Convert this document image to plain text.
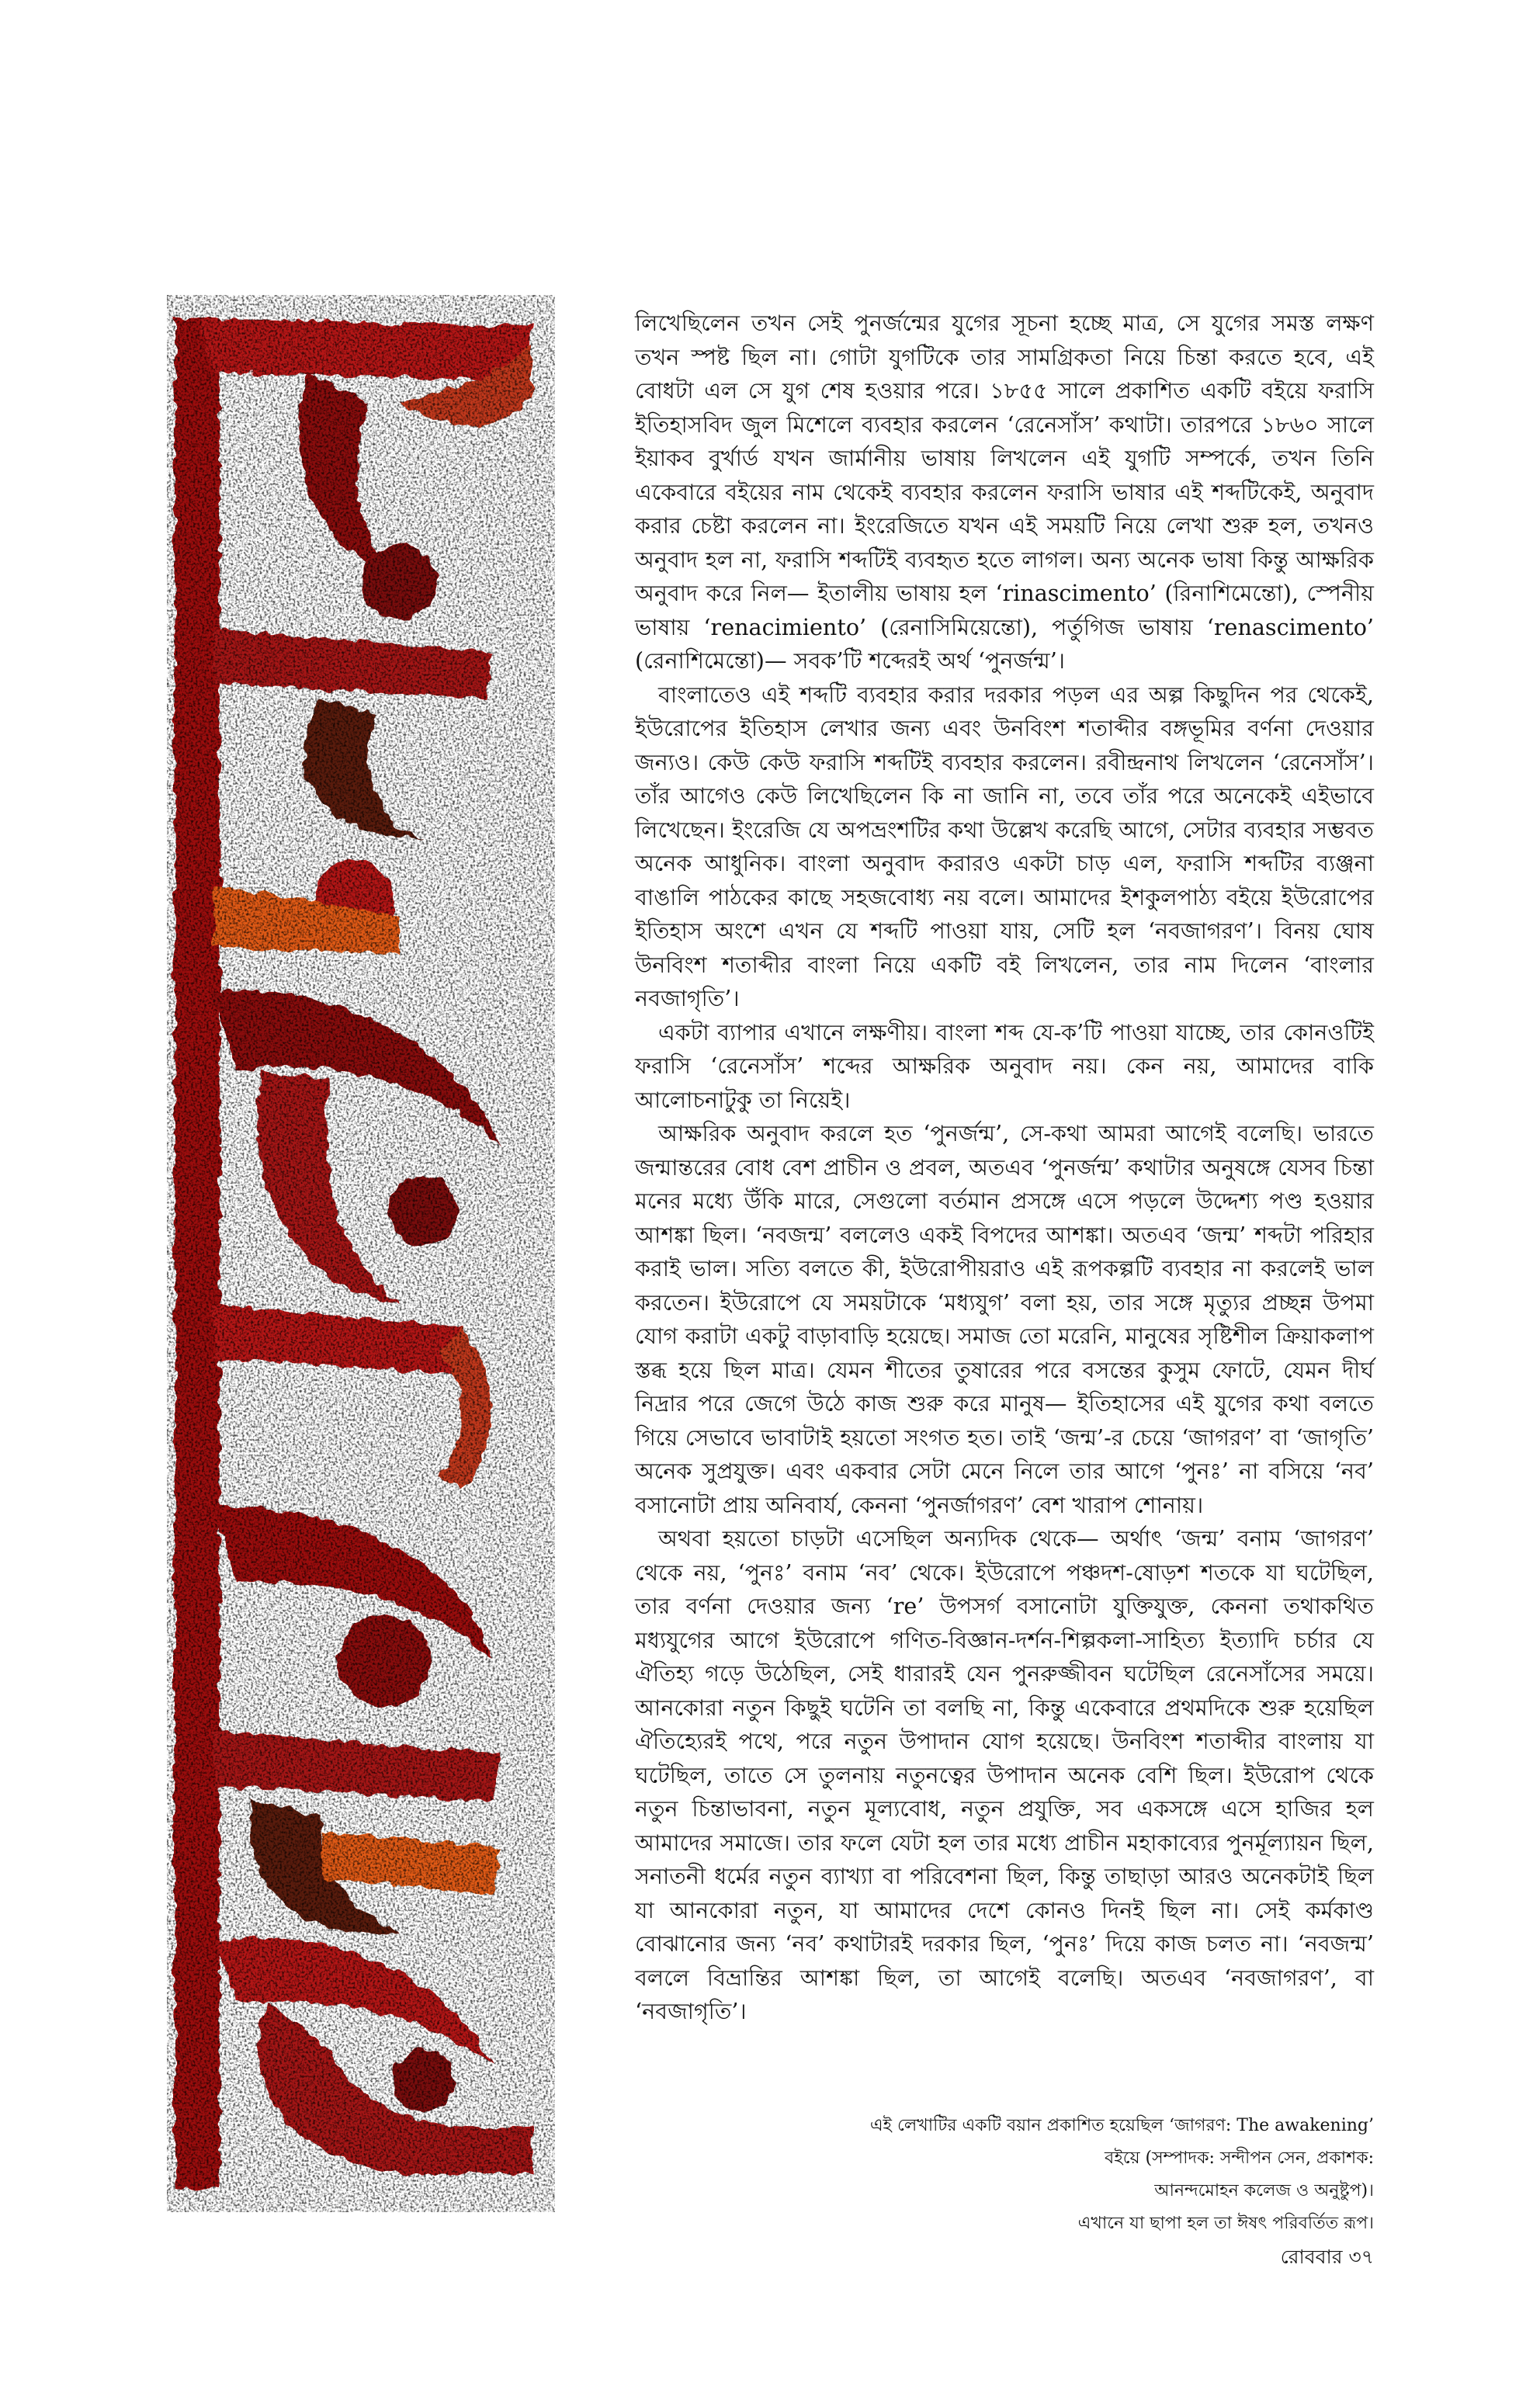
লিখেছিলেন তখন সেই পুনর্জন্মের যুগের সূচনা হচ্ছে মাত্র, সে যুগের সমস্ত লক্ষণ তখন স্পষ্ট ছিল না। গোটা যুগটিকে তার সামগ্রিকতা নিয়ে চিন্তা করতে হবে, এই বোধটা এল সে যুগ শেষ হওয়ার পরে। ১৮৫৫ সালে প্রকাশিত একটি বইয়ে ফরাসি ইতিহাসবিদ জুল মিশেলে ব্যবহার করলেন ‘রেনেসাঁস’ কথাটা। তারপরে ১৮৬০ সালে ইয়াকব বুর্খার্ড যখন জার্মানীয় ভাষায় লিখলেন এই যুগটি সম্পর্কে, তখন তিনি একেবারে বইয়ের নাম থেকেই ব্যবহার করলেন ফরাসি ভাষার এই শব্দটিকেই, অনুবাদ করার চেষ্টা করলেন না। ইংরেজিতে যখন এই সময়টি নিয়ে লেখা শুরু হল, তখনও অনুবাদ হল না, ফরাসি শব্দটিই ব্যবহৃত হতে লাগল। অন্য অনেক ভাষা কিন্তু আক্ষরিক অনুবাদ করে নিল— ইতালীয় ভাষায় হল ‘rinascimento’ (রিনাশিমেন্তো), স্পেনীয় ভাষায় ‘renacimiento’ (রেনাসিমিয়েন্তো), পর্তুগিজ ভাষায় ‘renascimento’ (রেনাশিমেন্তো)— সবক’টি শব্দেরই অর্থ ‘পুনর্জন্ম’।

বাংলাতেও এই শব্দটি ব্যবহার করার দরকার পড়ল এর অল্প কিছুদিন পর থেকেই, ইউরোপের ইতিহাস লেখার জন্য এবং উনবিংশ শতাব্দীর বঙ্গভূমির বর্ণনা দেওয়ার জন্যও। কেউ কেউ ফরাসি শব্দটিই ব্যবহার করলেন। রবীন্দ্রনাথ লিখলেন ‘রেনেসাঁস’। তাঁর আগেও কেউ লিখেছিলেন কি না জানি না, তবে তাঁর পরে অনেকেই এইভাবে লিখেছেন। ইংরেজি যে অপভ্রংশটির কথা উল্লেখ করেছি আগে, সেটার ব্যবহার সম্ভবত অনেক আধুনিক। বাংলা অনুবাদ করারও একটা চাড় এল, ফরাসি শব্দটির ব্যঞ্জনা বাঙালি পাঠকের কাছে সহজবোধ্য নয় বলে। আমাদের ইশকুলপাঠ্য বইয়ে ইউরোপের ইতিহাস অংশে এখন যে শব্দটি পাওয়া যায়, সেটি হল ‘নবজাগরণ’। বিনয় ঘোষ উনবিংশ শতাব্দীর বাংলা নিয়ে একটি বই লিখলেন, তার নাম দিলেন ‘বাংলার নবজাগৃতি’।

একটা ব্যাপার এখানে লক্ষণীয়। বাংলা শব্দ যে-ক’টি পাওয়া যাচ্ছে, তার কোনওটিই ফরাসি ‘রেনেসাঁস’ শব্দের আক্ষরিক অনুবাদ নয়। কেন নয়, আমাদের বাকি আলোচনাটুকু তা নিয়েই।

আক্ষরিক অনুবাদ করলে হত ‘পুনর্জন্ম’, সে-কথা আমরা আগেই বলেছি। ভারতে জন্মান্তরের বোধ বেশ প্রাচীন ও প্রবল, অতএব ‘পুনর্জন্ম’ কথাটার অনুষঙ্গে যেসব চিন্তা মনের মধ্যে উঁকি মারে, সেগুলো বর্তমান প্রসঙ্গে এসে পড়লে উদ্দেশ্য পণ্ড হওয়ার আশঙ্কা ছিল। ‘নবজন্ম’ বললেও একই বিপদের আশঙ্কা। অতএব ‘জন্ম’ শব্দটা পরিহার করাই ভাল। সত্যি বলতে কী, ইউরোপীয়রাও এই রূপকল্পটি ব্যবহার না করলেই ভাল করতেন। ইউরোপে যে সময়টাকে ‘মধ্যযুগ’ বলা হয়, তার সঙ্গে মৃত্যুর প্রচ্ছন্ন উপমা যোগ করাটা একটু বাড়াবাড়ি হয়েছে। সমাজ তো মরেনি, মানুষের সৃষ্টিশীল ক্রিয়াকলাপ স্তব্ধ হয়ে ছিল মাত্র। যেমন শীতের তুষারের পরে বসন্তের কুসুম ফোটে, যেমন দীর্ঘ নিদ্রার পরে জেগে উঠে কাজ শুরু করে মানুষ— ইতিহাসের এই যুগের কথা বলতে গিয়ে সেভাবে ভাবাটাই হয়তো সংগত হত। তাই ‘জন্ম’-র চেয়ে ‘জাগরণ’ বা ‘জাগৃতি’ অনেক সুপ্রযুক্ত। এবং একবার সেটা মেনে নিলে তার আগে ‘পুনঃ’ না বসিয়ে ‘নব’ বসানোটা প্রায় অনিবার্য, কেননা ‘পুনর্জাগরণ’ বেশ খারাপ শোনায়।

অথবা হয়তো চাড়টা এসেছিল অন্যদিক থেকে— অর্থাৎ ‘জন্ম’ বনাম ‘জাগরণ’ থেকে নয়, ‘পুনঃ’ বনাম ‘নব’ থেকে। ইউরোপে পঞ্চদশ-ষোড়শ শতকে যা ঘটেছিল, তার বর্ণনা দেওয়ার জন্য ‘re’ উপসর্গ বসানোটা যুক্তিযুক্ত, কেননা তথাকথিত মধ্যযুগের আগে ইউরোপে গণিত-বিজ্ঞান-দর্শন-শিল্পকলা-সাহিত্য ইত্যাদি চর্চার যে ঐতিহ্য গড়ে উঠেছিল, সেই ধারারই যেন পুনরুজ্জীবন ঘটেছিল রেনেসাঁসের সময়ে। আনকোরা নতুন কিছুই ঘটেনি তা বলছি না, কিন্তু একেবারে প্রথমদিকে শুরু হয়েছিল ঐতিহ্যেরই পথে, পরে নতুন উপাদান যোগ হয়েছে। উনবিংশ শতাব্দীর বাংলায় যা ঘটেছিল, তাতে সে তুলনায় নতুনত্বের উপাদান অনেক বেশি ছিল। ইউরোপ থেকে নতুন চিন্তাভাবনা, নতুন মূল্যবোধ, নতুন প্রযুক্তি, সব একসঙ্গে এসে হাজির হল আমাদের সমাজে। তার ফলে যেটা হল তার মধ্যে প্রাচীন মহাকাব্যের পুনর্মূল্যায়ন ছিল, সনাতনী ধর্মের নতুন ব্যাখ্যা বা পরিবেশনা ছিল, কিন্তু তাছাড়া আরও অনেকটাই ছিল যা আনকোরা নতুন, যা আমাদের দেশে কোনও দিনই ছিল না। সেই কর্মকাণ্ড বোঝানোর জন্য ‘নব’ কথাটারই দরকার ছিল, ‘পুনঃ’ দিয়ে কাজ চলত না। ‘নবজন্ম’ বললে বিভ্রান্তির আশঙ্কা ছিল, তা আগেই বলেছি। অতএব ‘নবজাগরণ’, বা ‘নবজাগৃতি’।

এই লেখাটির একটি বয়ান প্রকাশিত হয়েছিল ‘জাগরণ: The awakening’
বইয়ে (সম্পাদক: সন্দীপন সেন, প্রকাশক:
আনন্দমোহন কলেজ ও অনুষ্টুপ)।
এখানে যা ছাপা হল তা ঈষৎ পরিবর্তিত রূপ।
রোববার ৩৭
